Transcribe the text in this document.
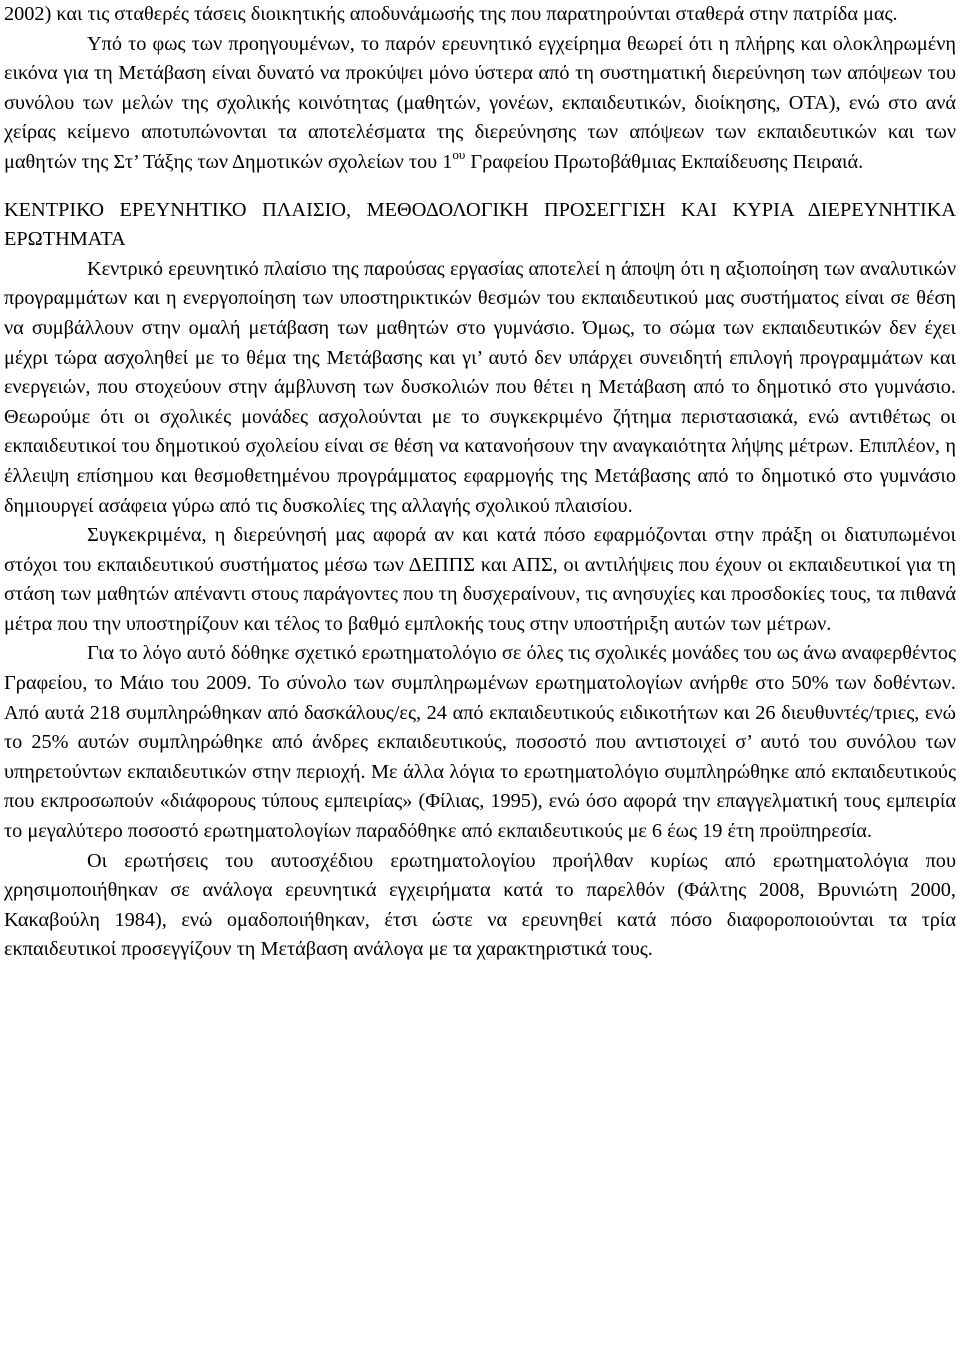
2002) και τις σταθερές τάσεις διοικητικής αποδυνάμωσής της που παρατηρούνται σταθερά στην πατρίδα μας.

Υπό το φως των προηγουμένων, το παρόν ερευνητικό εγχείρημα θεωρεί ότι η πλήρης και ολοκληρωμένη εικόνα για τη Μετάβαση είναι δυνατό να προκύψει μόνο ύστερα από τη συστηματική διερεύνηση των απόψεων του συνόλου των μελών της σχολικής κοινότητας (μαθητών, γονέων, εκπαιδευτικών, διοίκησης, ΟΤΑ), ενώ στο ανά χείρας κείμενο αποτυπώνονται τα αποτελέσματα της διερεύνησης των απόψεων των εκπαιδευτικών και των μαθητών της Στ’ Τάξης των Δημοτικών σχολείων του $1^{o\upsilon}$ Γραφείου Πρωτοβάθμιας Εκπαίδευσης Πειραιά.

ΚΕΝΤΡΙΚΟ ΕΡΕΥΝΗΤΙΚΟ ΠΛΑΙΣΙΟ, ΜΕΘΟΔΟΛΟΓΙΚΗ ΠΡΟΣΕΓΓΙΣΗ ΚΑΙ ΚΥΡΙΑ ΔΙΕΡΕΥΝΗΤΙΚΑ ΕΡΩΤΗΜΑΤΑ

Κεντρικό ερευνητικό πλαίσιο της παρούσας εργασίας αποτελεί η άποψη ότι η αξιοποίηση των αναλυτικών προγραμμάτων και η ενεργοποίηση των υποστηρικτικών θεσμών του εκπαιδευτικού μας συστήματος είναι σε θέση να συμβάλλουν στην ομαλή μετάβαση των μαθητών στο γυμνάσιο. Όμως, το σώμα των εκπαιδευτικών δεν έχει μέχρι τώρα ασχοληθεί με το θέμα της Μετάβασης και γι’ αυτό δεν υπάρχει συνειδητή επιλογή προγραμμάτων και ενεργειών, που στοχεύουν στην άμβλυνση των δυσκολιών που θέτει η Μετάβαση από το δημοτικό στο γυμνάσιο. Θεωρούμε ότι οι σχολικές μονάδες ασχολούνται με το συγκεκριμένο ζήτημα περιστασιακά, ενώ αντιθέτως οι εκπαιδευτικοί του δημοτικού σχολείου είναι σε θέση να κατανοήσουν την αναγκαιότητα λήψης μέτρων. Επιπλέον, η έλλειψη επίσημου και θεσμοθετημένου προγράμματος εφαρμογής της Μετάβασης από το δημοτικό στο γυμνάσιο δημιουργεί ασάφεια γύρω από τις δυσκολίες της αλλαγής σχολικού πλαισίου.

Συγκεκριμένα, η διερεύνησή μας αφορά αν και κατά πόσο εφαρμόζονται στην πράξη οι διατυπωμένοι στόχοι του εκπαιδευτικού συστήματος μέσω των ΔΕΠΠΣ και ΑΠΣ, οι αντιλήψεις που έχουν οι εκπαιδευτικοί για τη στάση των μαθητών απέναντι στους παράγοντες που τη δυσχεραίνουν, τις ανησυχίες και προσδοκίες τους, τα πιθανά μέτρα που την υποστηρίζουν και τέλος το βαθμό εμπλοκής τους στην υποστήριξη αυτών των μέτρων.

Για το λόγο αυτό δόθηκε σχετικό ερωτηματολόγιο σε όλες τις σχολικές μονάδες του ως άνω αναφερθέντος Γραφείου, το Μάιο του 2009. Το σύνολο των συμπληρωμένων ερωτηματολογίων ανήρθε στο 50% των δοθέντων. Από αυτά 218 συμπληρώθηκαν από δασκάλους/ες, 24 από εκπαιδευτικούς ειδικοτήτων και 26 διευθυντές/τριες, ενώ το 25% αυτών συμπληρώθηκε από άνδρες εκπαιδευτικούς, ποσοστό που αντιστοιχεί σ’ αυτό του συνόλου των υπηρετούντων εκπαιδευτικών στην περιοχή. Με άλλα λόγια το ερωτηματολόγιο συμπληρώθηκε από εκπαιδευτικούς που εκπροσωπούν «διάφορους τύπους εμπειρίας» (Φίλιας, 1995), ενώ όσο αφορά την επαγγελματική τους εμπειρία το μεγαλύτερο ποσοστό ερωτηματολογίων παραδόθηκε από εκπαιδευτικούς με 6 έως 19 έτη προϋπηρεσία.

Οι ερωτήσεις του αυτοσχέδιου ερωτηματολογίου προήλθαν κυρίως από ερωτηματολόγια που χρησιμοποιήθηκαν σε ανάλογα ερευνητικά εγχειρήματα κατά το παρελθόν (Φάλτης 2008, Βρυνιώτη 2000, Κακαβούλη 1984), ενώ ομαδοποιήθηκαν, έτσι ώστε να ερευνηθεί κατά πόσο διαφοροποιούνται τα τρία εκπαιδευτικοί προσεγγίζουν τη Μετάβαση ανάλογα με τα χαρακτηριστικά τους.
